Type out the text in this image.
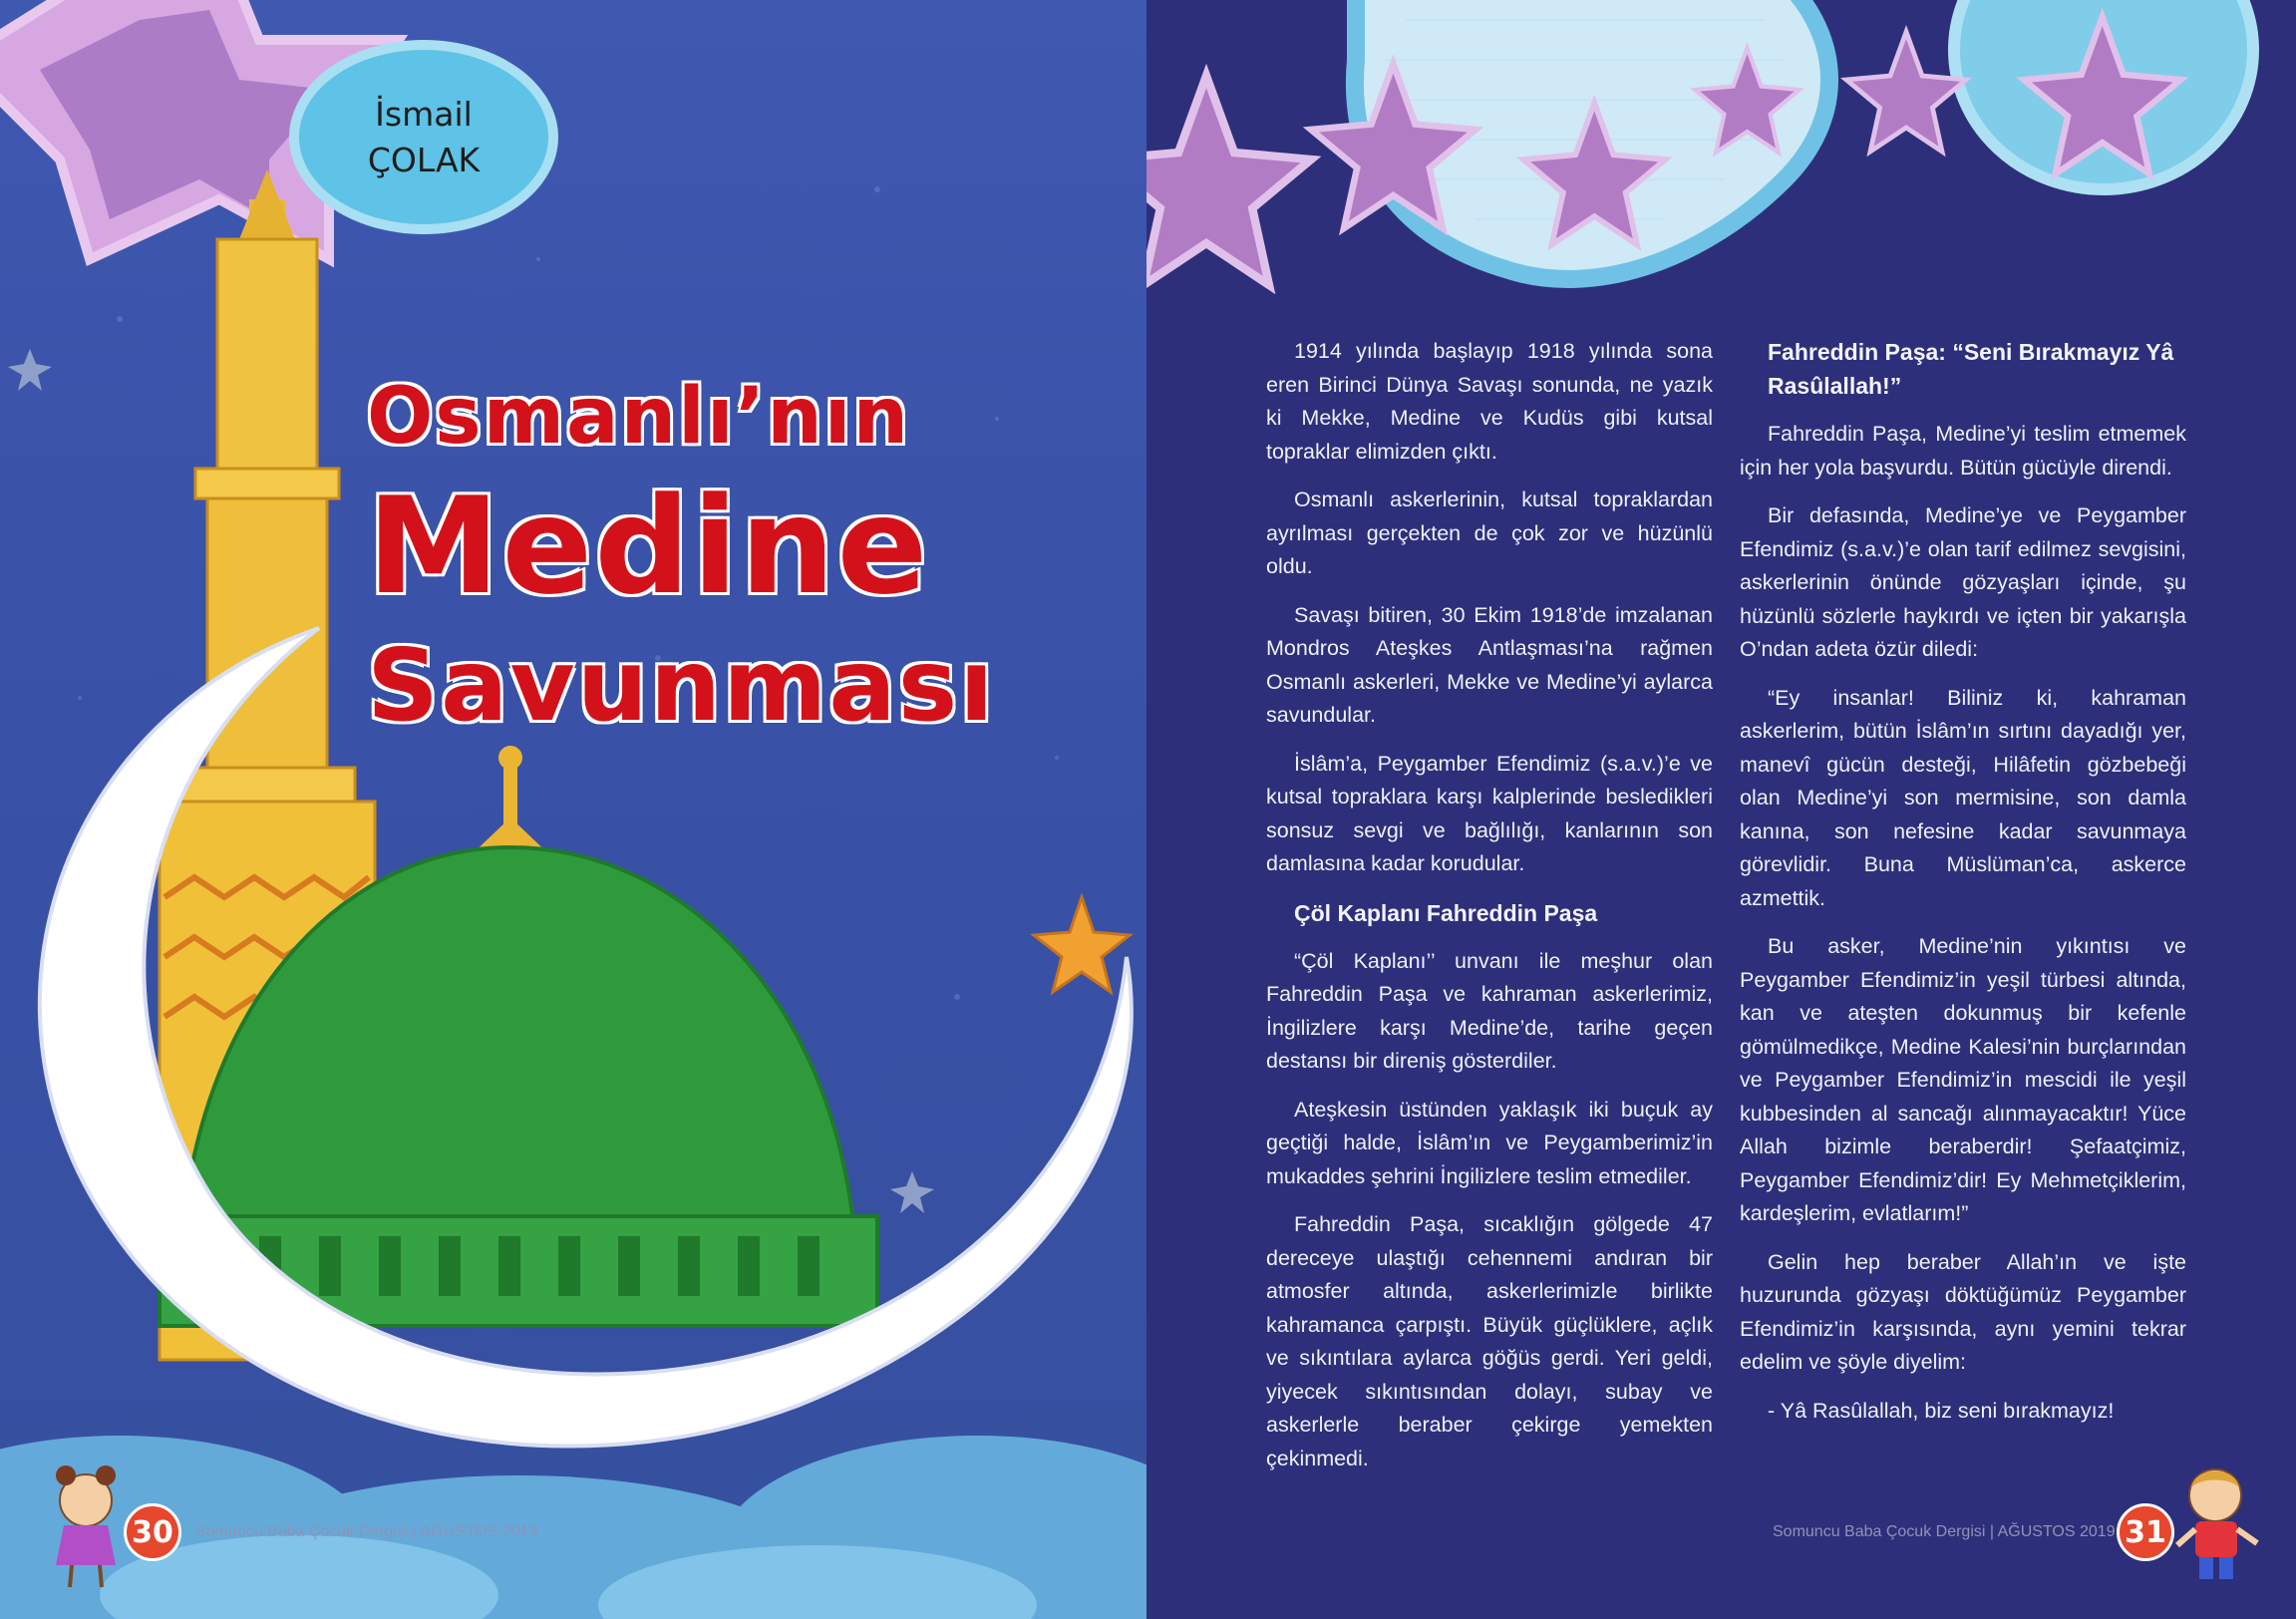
İsmail
ÇOLAK
Osmanlı’nın
Medine
Savunması
30	Somuncu Baba Çocuk Dergisi | AĞUSTOS 2019

1914 yılında başlayıp 1918 yılında sona eren Birinci Dünya Savaşı sonunda, ne yazık ki Mekke, Medine ve Kudüs gibi kutsal topraklar elimizden çıktı.

Osmanlı askerlerinin, kutsal topraklardan ayrılması gerçekten de çok zor ve hüzünlü oldu.

Savaşı bitiren, 30 Ekim 1918’de imzalanan Mondros Ateşkes Antlaşması’na rağmen Osmanlı askerleri, Mekke ve Medine’yi aylarca savundular.

İslâm’a, Peygamber Efendimiz (s.a.v.)’e ve kutsal topraklara karşı kalplerinde besledikleri sonsuz sevgi ve bağlılığı, kanlarının son damlasına kadar korudular.

Çöl Kaplanı Fahreddin Paşa

“Çöl Kaplanı’’ unvanı ile meşhur olan Fahreddin Paşa ve kahraman askerlerimiz, İngilizlere karşı Medine’de, tarihe geçen destansı bir direniş gösterdiler.

Ateşkesin üstünden yaklaşık iki buçuk ay geçtiği halde, İslâm’ın ve Peygamberimiz’in mukaddes şehrini İngilizlere teslim etmediler.

Fahreddin Paşa, sıcaklığın gölgede 47 dereceye ulaştığı cehennemi andıran bir atmosfer altında, askerlerimizle birlikte kahramanca çarpıştı. Büyük güçlüklere, açlık ve sıkıntılara aylarca göğüs gerdi. Yeri geldi, yiyecek sıkıntısından dolayı, subay ve askerlerle beraber çekirge yemekten çekinmedi.

Fahreddin Paşa: “Seni Bırakmayız Yâ Rasûlallah!”

Fahreddin Paşa, Medine’yi teslim etmemek için her yola başvurdu. Bütün gücüyle direndi.

Bir defasında, Medine’ye ve Peygamber Efendimiz (s.a.v.)’e olan tarif edilmez sevgisini, askerlerinin önünde gözyaşları içinde, şu hüzünlü sözlerle haykırdı ve içten bir yakarışla O’ndan adeta özür diledi:

“Ey insanlar! Biliniz ki, kahraman askerlerim, bütün İslâm’ın sırtını dayadığı yer, manevî gücün desteği, Hilâfetin gözbebeği olan Medine’yi son mermisine, son damla kanına, son nefesine kadar savunmaya görevlidir. Buna Müslüman’ca, askerce azmettik.

Bu asker, Medine’nin yıkıntısı ve Peygamber Efendimiz’in yeşil türbesi altında, kan ve ateşten dokunmuş bir kefenle gömülmedikçe, Medine Kalesi’nin burçlarından ve Peygamber Efendimiz’in mescidi ile yeşil kubbesinden al sancağı alınmayacaktır! Yüce Allah bizimle beraberdir! Şefaatçimiz, Peygamber Efendimiz’dir! Ey Mehmetçiklerim, kardeşlerim, evlatlarım!”

Gelin hep beraber Allah’ın ve işte huzurunda gözyaşı döktüğümüz Peygamber Efendimiz’in karşısında, aynı yemini tekrar edelim ve şöyle diyelim:

- Yâ Rasûlallah, biz seni bırakmayız!

Somuncu Baba Çocuk Dergisi | AĞUSTOS 2019 31
